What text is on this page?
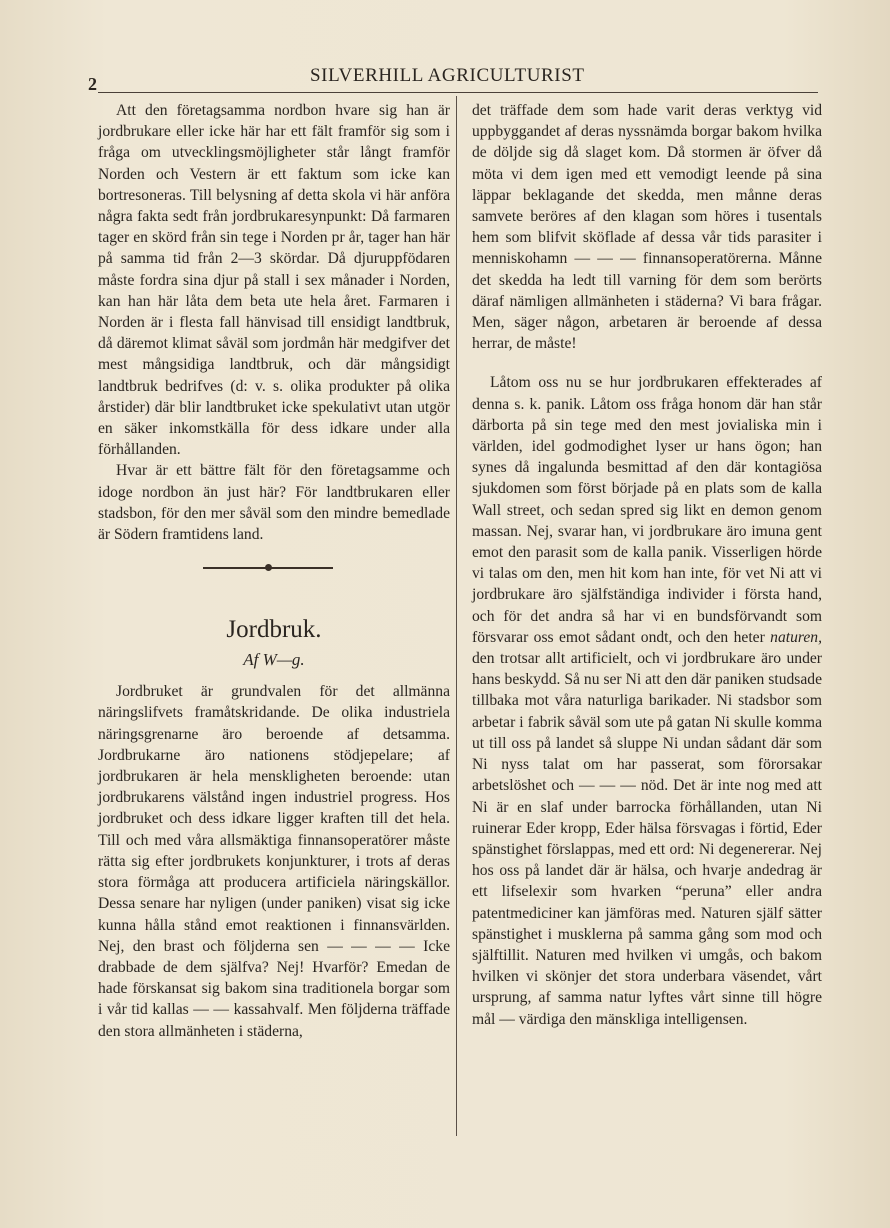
2	SILVERHILL AGRICULTURIST

Att den företagsamma nordbon hvare sig han är jordbrukare eller icke här har ett fält framför sig som i fråga om utvecklingsmöjligheter står långt framför Norden och Vestern är ett faktum som icke kan bortresoneras. Till belysning af detta skola vi här anföra några fakta sedt från jordbrukaresynpunkt: Då farmaren tager en skörd från sin tege i Norden pr år, tager han här på samma tid från 2—3 skördar. Då djuruppfödaren måste fordra sina djur på stall i sex månader i Norden, kan han här låta dem beta ute hela året. Farmaren i Norden är i flesta fall hänvisad till ensidigt landtbruk, då däremot klimat såväl som jordmån här medgifver det mest mångsidiga landtbruk, och där mångsidigt landtbruk bedrifves (d: v. s. olika produkter på olika årstider) där blir landtbruket icke spekulativt utan utgör en säker inkomstkälla för dess idkare under alla förhållanden.

Hvar är ett bättre fält för den företagsamme och idoge nordbon än just här? För landtbrukaren eller stadsbon, för den mer såväl som den mindre bemedlade är Södern framtidens land.

Jordbruk.
Af W—g.

Jordbruket är grundvalen för det allmänna näringslifvets framåtskridande. De olika industriela näringsgrenarne äro beroende af detsamma. Jordbrukarne äro nationens stödjepelare; af jordbrukaren är hela menskligheten beroende: utan jordbrukarens välstånd ingen industriel progress. Hos jordbruket och dess idkare ligger kraften till det hela. Till och med våra allsmäktiga finnansoperatörer måste rätta sig efter jordbrukets konjunkturer, i trots af deras stora förmåga att producera artificiela näringskällor. Dessa senare har nyligen (under paniken) visat sig icke kunna hålla stånd emot reaktionen i finnansvärlden. Nej, den brast och följderna sen — — — — Icke drabbade de dem själfva? Nej! Hvarför? Emedan de hade förskansat sig bakom sina traditionela borgar som i vår tid kallas — — kassahvalf. Men följderna träffade den stora allmänheten i städerna,

det träffade dem som hade varit deras verktyg vid uppbyggandet af deras nyssnämda borgar bakom hvilka de döljde sig då slaget kom. Då stormen är öfver då möta vi dem igen med ett vemodigt leende på sina läppar beklagande det skedda, men månne deras samvete beröres af den klagan som höres i tusentals hem som blifvit sköflade af dessa vår tids parasiter i menniskohamn — — — finnansoperatörerna. Månne det skedda ha ledt till varning för dem som berörts däraf nämligen allmänheten i städerna? Vi bara frågar. Men, säger någon, arbetaren är beroende af dessa herrar, de måste!

Låtom oss nu se hur jordbrukaren effekterades af denna s. k. panik. Låtom oss fråga honom där han står därborta på sin tege med den mest jovialiska min i världen, idel godmodighet lyser ur hans ögon; han synes då ingalunda besmittad af den där kontagiösa sjukdomen som först började på en plats som de kalla Wall street, och sedan spred sig likt en demon genom massan. Nej, svarar han, vi jordbrukare äro imuna gent emot den parasit som de kalla panik. Visserligen hörde vi talas om den, men hit kom han inte, för vet Ni att vi jordbrukare äro själfständiga individer i första hand, och för det andra så har vi en bundsförvandt som försvarar oss emot sådant ondt, och den heter naturen, den trotsar allt artificielt, och vi jordbrukare äro under hans beskydd. Så nu ser Ni att den där paniken studsade tillbaka mot våra naturliga barikader. Ni stadsbor som arbetar i fabrik såväl som ute på gatan Ni skulle komma ut till oss på landet så sluppe Ni undan sådant där som Ni nyss talat om har passerat, som förorsakar arbetslöshet och — — — nöd. Det är inte nog med att Ni är en slaf under barrocka förhållanden, utan Ni ruinerar Eder kropp, Eder hälsa försvagas i förtid, Eder spänstighet förslappas, med ett ord: Ni degenererar. Nej hos oss på landet där är hälsa, och hvarje andedrag är ett lifselexir som hvarken “peruna” eller andra patentmediciner kan jämföras med. Naturen själf sätter spänstighet i musklerna på samma gång som mod och själftillit. Naturen med hvilken vi umgås, och bakom hvilken vi skönjer det stora underbara väsendet, vårt ursprung, af samma natur lyftes vårt sinne till högre mål — värdiga den mänskliga intelligensen.
